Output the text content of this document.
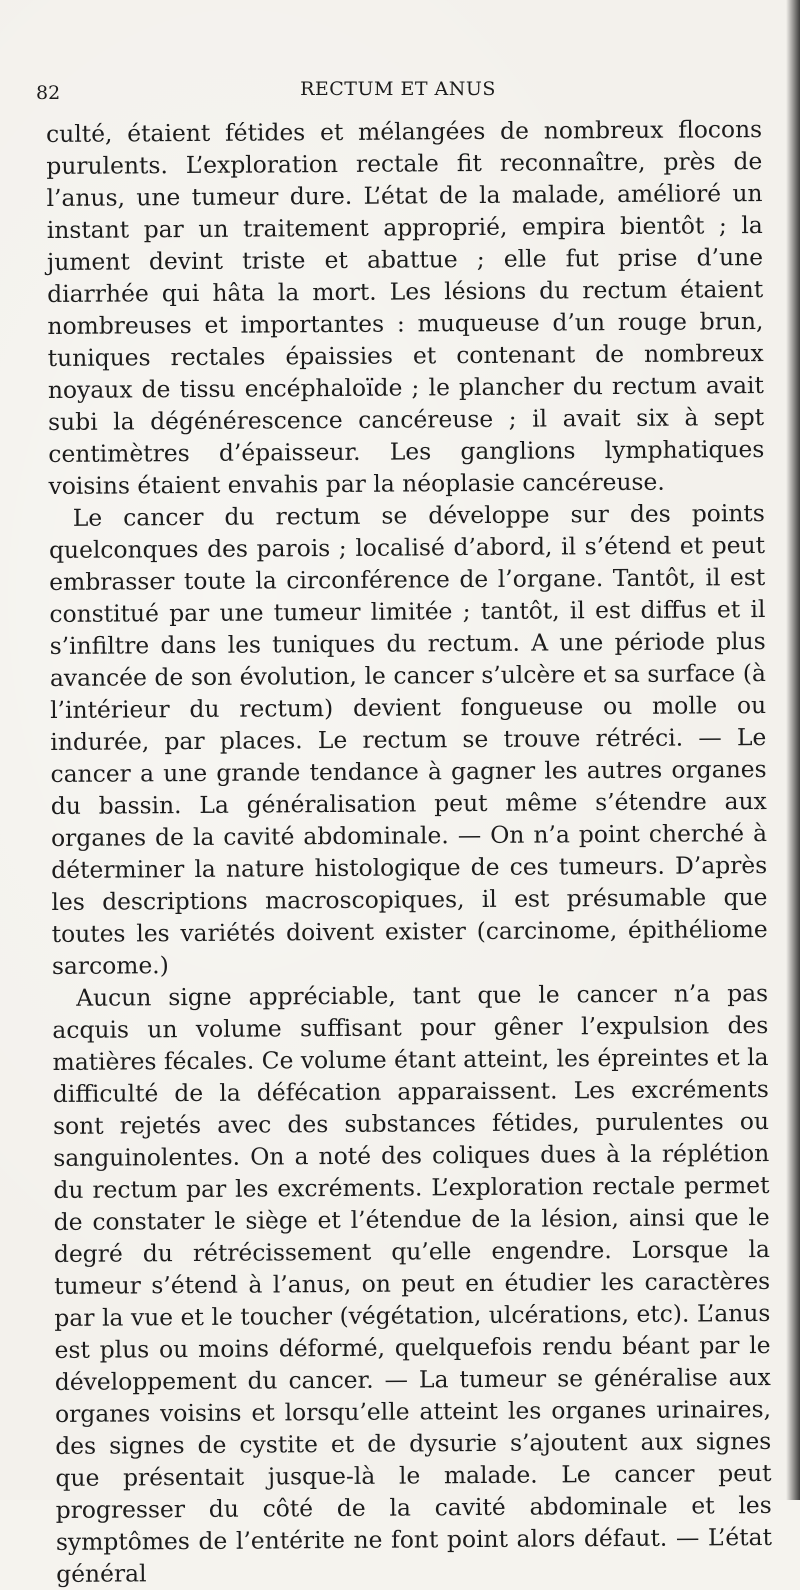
82	RECTUM ET ANUS

culté, étaient fétides et mélangées de nombreux flocons purulents. L’exploration rectale fit reconnaître, près de l’anus, une tumeur dure. L’état de la malade, amélioré un instant par un traitement approprié, empira bientôt ; la jument devint triste et abattue ; elle fut prise d’une diarrhée qui hâta la mort. Les lésions du rectum étaient nombreuses et importantes : muqueuse d’un rouge brun, tuniques rectales épaissies et contenant de nombreux noyaux de tissu encéphaloïde ; le plancher du rectum avait subi la dégénérescence cancéreuse ; il avait six à sept centimètres d’épaisseur. Les ganglions lymphatiques voisins étaient envahis par la néoplasie cancéreuse.

Le cancer du rectum se développe sur des points quelconques des parois ; localisé d’abord, il s’étend et peut embrasser toute la circonférence de l’organe. Tantôt, il est constitué par une tumeur limitée ; tantôt, il est diffus et il s’infiltre dans les tuniques du rectum. A une période plus avancée de son évolution, le cancer s’ulcère et sa surface (à l’intérieur du rectum) devient fongueuse ou molle ou indurée, par places. Le rectum se trouve rétréci. — Le cancer a une grande tendance à gagner les autres organes du bassin. La généralisation peut même s’étendre aux organes de la cavité abdominale. — On n’a point cherché à déterminer la nature histologique de ces tumeurs. D’après les descriptions macroscopiques, il est présumable que toutes les variétés doivent exister (carcinome, épithéliome sarcome.)

Aucun signe appréciable, tant que le cancer n’a pas acquis un volume suffisant pour gêner l’expulsion des matières fécales. Ce volume étant atteint, les épreintes et la difficulté de la défécation apparaissent. Les excréments sont rejetés avec des substances fétides, purulentes ou sanguinolentes. On a noté des coliques dues à la réplétion du rectum par les excréments. L’exploration rectale permet de constater le siège et l’étendue de la lésion, ainsi que le degré du rétrécissement qu’elle engendre. Lorsque la tumeur s’étend à l’anus, on peut en étudier les caractères par la vue et le toucher (végétation, ulcérations, etc). L’anus est plus ou moins déformé, quelquefois rendu béant par le développement du cancer. — La tumeur se généralise aux organes voisins et lorsqu’elle atteint les organes urinaires, des signes de cystite et de dysurie s’ajoutent aux signes que présentait jusque-là le malade. Le cancer peut progresser du côté de la cavité abdominale et les symptômes de l’entérite ne font point alors défaut. — L’état général
